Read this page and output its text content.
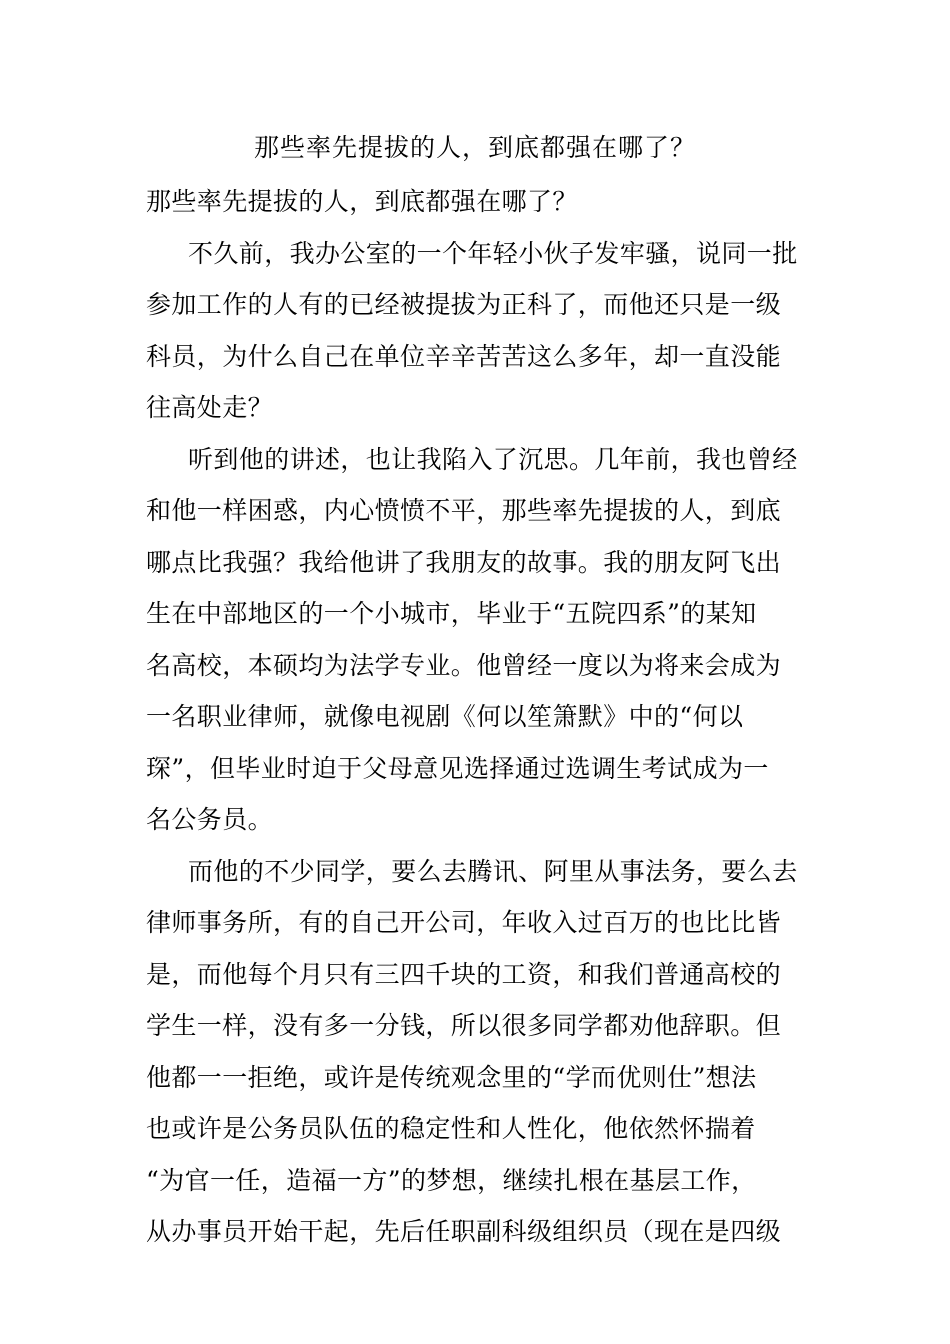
那些率先提拔的人，到底都强在哪了？
那些率先提拔的人，到底都强在哪了？
不久前，我办公室的一个年轻小伙子发牢骚，说同一批
参加工作的人有的已经被提拔为正科了，而他还只是一级
科员，为什么自己在单位辛辛苦苦这么多年，却一直没能
往高处走？
听到他的讲述，也让我陷入了沉思。几年前，我也曾经
和他一样困惑，内心愤愤不平，那些率先提拔的人，到底
哪点比我强？我给他讲了我朋友的故事。我的朋友阿飞出
生在中部地区的一个小城市，毕业于“五院四系”的某知
名高校，本硕均为法学专业。他曾经一度以为将来会成为
一名职业律师，就像电视剧《何以笙箫默》中的“何以
琛”，但毕业时迫于父母意见选择通过选调生考试成为一
名公务员。
而他的不少同学，要么去腾讯、阿里从事法务，要么去
律师事务所，有的自己开公司，年收入过百万的也比比皆
是，而他每个月只有三四千块的工资，和我们普通高校的
学生一样，没有多一分钱，所以很多同学都劝他辞职。但
他都一一拒绝，或许是传统观念里的“学而优则仕”想法
也或许是公务员队伍的稳定性和人性化，他依然怀揣着
“为官一任，造福一方”的梦想，继续扎根在基层工作，
从办事员开始干起，先后任职副科级组织员（现在是四级
